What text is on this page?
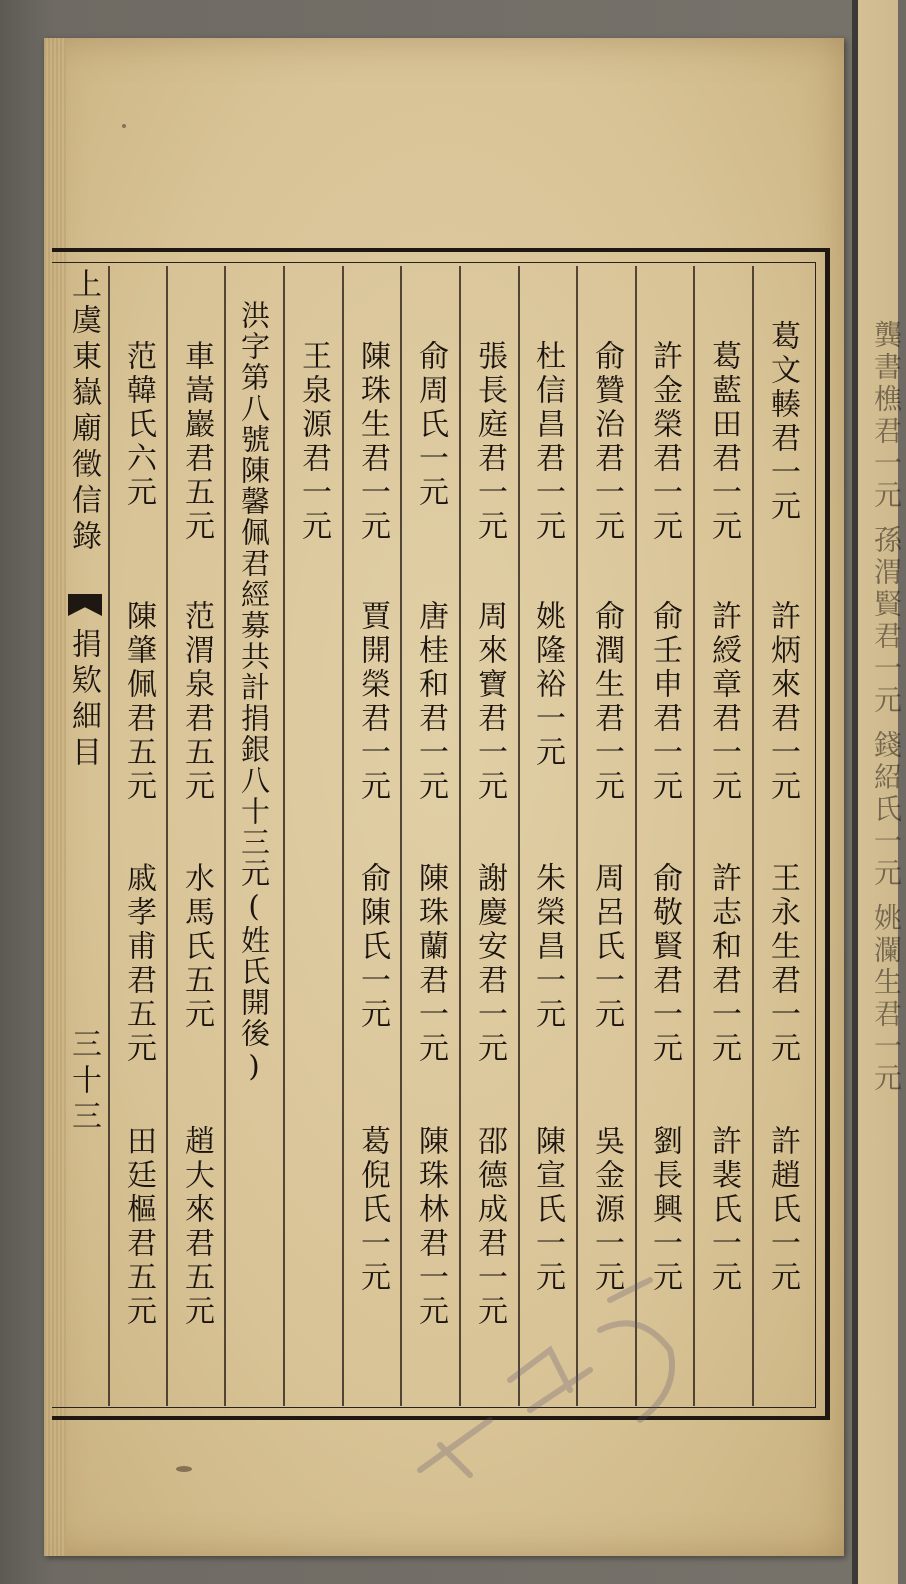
龔書樵君一元 孫渭賢君一元 錢紹氏一元 姚瀾生君一元
上虞東嶽廟徵信錄
捐欵細目
三十三
葛文輳君一元
許炳來君一元
王永生君一元
許趙氏一元
葛藍田君一元
許綬章君一元
許志和君一元
許裴氏一元
許金榮君一元
俞壬申君一元
俞敬賢君一元
劉長興一元
俞贊治君一元
俞潤生君一元
周呂氏一元
吳金源一元
杜信昌君一元
姚隆裕一元
朱榮昌一元
陳宣氏一元
張長庭君一元
周來寶君一元
謝慶安君一元
邵德成君一元
俞周氏一元
唐桂和君一元
陳珠蘭君一元
陳珠林君一元
陳珠生君一元
賈開榮君一元
俞陳氏一元
葛倪氏一元
王泉源君一元
洪字第八號陳馨佩君經募共計捐銀八十三元(姓氏開後)
車嵩巖君五元
范渭泉君五元
水馬氏五元
趙大來君五元
范韓氏六元
陳肇佩君五元
戚孝甫君五元
田廷樞君五元
